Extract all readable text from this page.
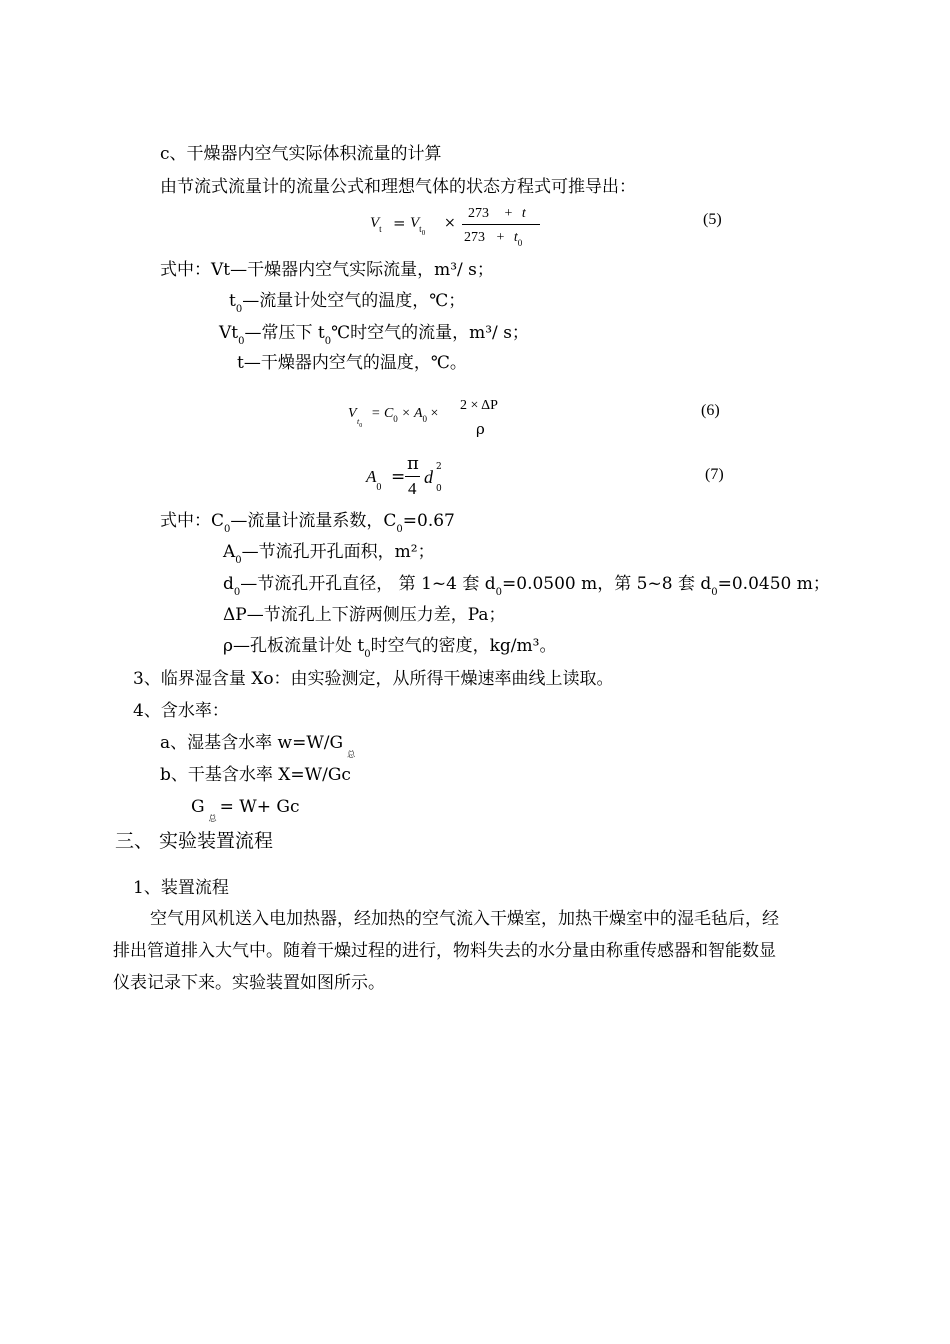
c、干燥器内空气实际体积流量的计算
由节流式流量计的流量公式和理想气体的状态方程式可推导出：
$V_t = V_{t0}$
×
273 + t
$273 + t_0$
(5)
式中：Vt—干燥器内空气实际流量，m³/ s；
$t_0—$流量计处空气的温度，℃；
$Vt_0—$常压下 $t_0℃$时空气的流量，m³/ s；
t—干燥器内空气的温度，℃。
V
$t_0$
= $C_0 \times A_0$ ×
2 × ΔP
ρ
(6)
$A_0$
=
π
4
d 2
0
(7)
式中：$C_0—$流量计流量系数，$C_0=0.67$
$A_0—$节流孔开孔面积，m²；
$d_0—$节流孔开孔直径， 第 1~4 套 $d_0=0.0500$ m，第 5~8 套 $d_0=0.0450$ m；
ΔP—节流孔上下游两侧压力差，Pa；
ρ—孔板流量计处 $t_0$时空气的密度，kg/m³。
3、临界湿含量 Xo：由实验测定，从所得干燥速率曲线上读取。
4、含水率：
a、湿基含水率 $w=W/G_总$
b、干基含水率 X=W/Gc
$G_总= W+ Gc$
三、 实验装置流程
1、装置流程
空气用风机送入电加热器，经加热的空气流入干燥室，加热干燥室中的湿毛毡后，经
排出管道排入大气中。随着干燥过程的进行，物料失去的水分量由称重传感器和智能数显
仪表记录下来。实验装置如图所示。
